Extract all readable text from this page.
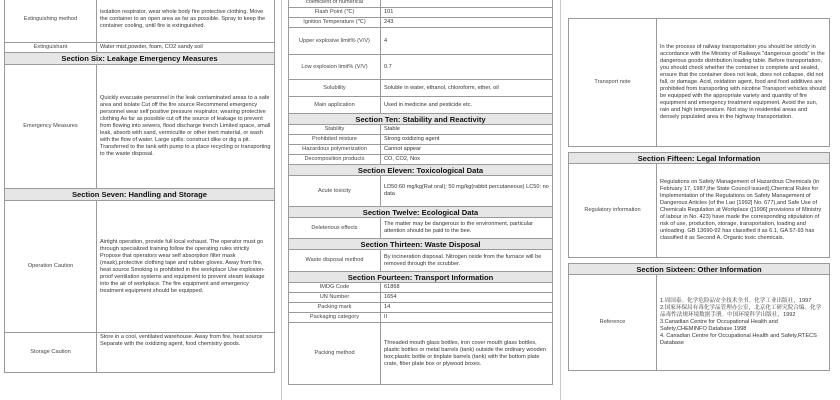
Extinguishing method	isolation respirator, wear whole body fire protective clothing. Move the container to an open area as far as possible. Spray to keep the container cooling, until fire is extinguished.
Extinguishant	Water mist,powder, foam, CO2 sandy soil
Section Six: Leakage Emergency Measures	
Emergency Measures	Quickly evacuate personnel in the leak contaminated areas to a safe area and isolate Cut off the fire source Recommend emergency personnel wear self positive pressure respirator, wearing protective clothing As far as possible cut off the source of leakage to prevent from flowing into sewers, flood discharge trench Limited space, small leak, absorb with sand, vermiculite or other inert material, or wash with the flow of water. Large spills: construct dike or dig a pit. Transferred to the tank with pump to a place recycling or transporting to the waste disposal.
Section Seven: Handling and Storage	
Operation Caution	Airtight operation, provide full local exhaust. The operator must go through specialized training follow the operating rules strictly Propose that operators wear self absorption filter mask (mask),protective clothing tape and rubber gloves. Away from fire, heat source Smoking is prohibited in the workplace Use explosion-proof ventilation systems and equipment to prevent steam leakage into the air of workplace. The fire equipment and emergency treatment equipment should be equipped.
Storage Caution	Store in a cool, ventilated warehouse. Away from fire, heat source Separate with the oxidizing agent, food chemistry goods.
coefficient of numerical	
Flash Point (℃)	101
Ignition Temperature (℃)	243
Upper explosive limit% (V/V)	4
Low explosion limit% (V/V)	0.7
Solubility	Soluble in water, ethanol, chloroform, ether, oil
Main application	Used in medicine and pesticide etc.
Section Ten: Stability and Reactivity	
Stability	Stable
Prohibited mixture	Strong oxidizing agent
Hazardous polymerization	Cannot appear
Decomposition products	CO, CO2, Nox
Section Eleven: Toxicological Data	
Acute toxicity	LD50:60 mg/kg(Rat oral); 50 mg/kg(rabbit percutaneous) LC50: no data
Section Twelve: Ecological Data	
Deleterious effects	The matter may be dangerous to the environment, particular attention should be paid to the bee.
Section Thirteen: Waste Disposal	
Waste disposal method	By incineration disposal. Nitrogen oxide from the furnace will be removed through the scrubber.
Section Fourteen: Transport Information	
IMDG Code	61868
UN Number	1654
Packing mark	14
Packaging category	II
Packing method	Threaded mouth glass bottles, iron cover mouth glass bottles, plastic bottles or metal barrels (tank) outside the ordinary wooden box;plastic bottle or tinplate barrels (tank) with the bottom plate crate, fiber plate box or plywood boxes.
Transport note	In the process of railway transportation you should be strictly in accordance with the Ministry of Railways "dangerous goods" in the dangerous goods distribution loading table. Before transportation, you should check whether the container is complete and sealed, ensure that the container does not leak, does not collapse, did not fall, or damage. Acid, oxidation agent, food and food additives are prohibited from transporting with nicotine Transport vehicles should be equipped with the appropriate variety and quantity of fire equipment and emergency treatment equipment. Avoid the sun, rain and high temperature. Not stay in residential areas and densely populated area in the highway transportation.

Section Fifteen: Legal Information	
Regulatory information	Regulations on Safety Management of Hazardous Chemicals (in February 17, 1987,the State Council issued),Chemical Rules for Implementation of the Regulations on Safety Management of Dangerous Articles (of the Lao [1992] No. 677),and Safe Use of Chemicals Regulation at Workplace ([1996] provisions of Ministry of labour in No. 423) have made the corresponding stipulation of risk of use, production, storage, transportation, loading and unloading. GB 13690-92 has classified it as 6.1, GA 57-93 has classified it as Second A. Organic toxic chemicals.

Section Sixteen: Other Information	
Reference	1.周国泰。化学危险品安全技术全书。化学工业出版社，1997
2.国家环保局有毒化学品管理办公室，北京化工研究院合编。化学品毒性法规环境数据手册。中国环境科学出版社，1992
3.Canadian Centre for Occupational Health and Safety,CHEMINFO Database 1998
4. Canadian Centre for Occupational Health and Safety,RTECS Database
